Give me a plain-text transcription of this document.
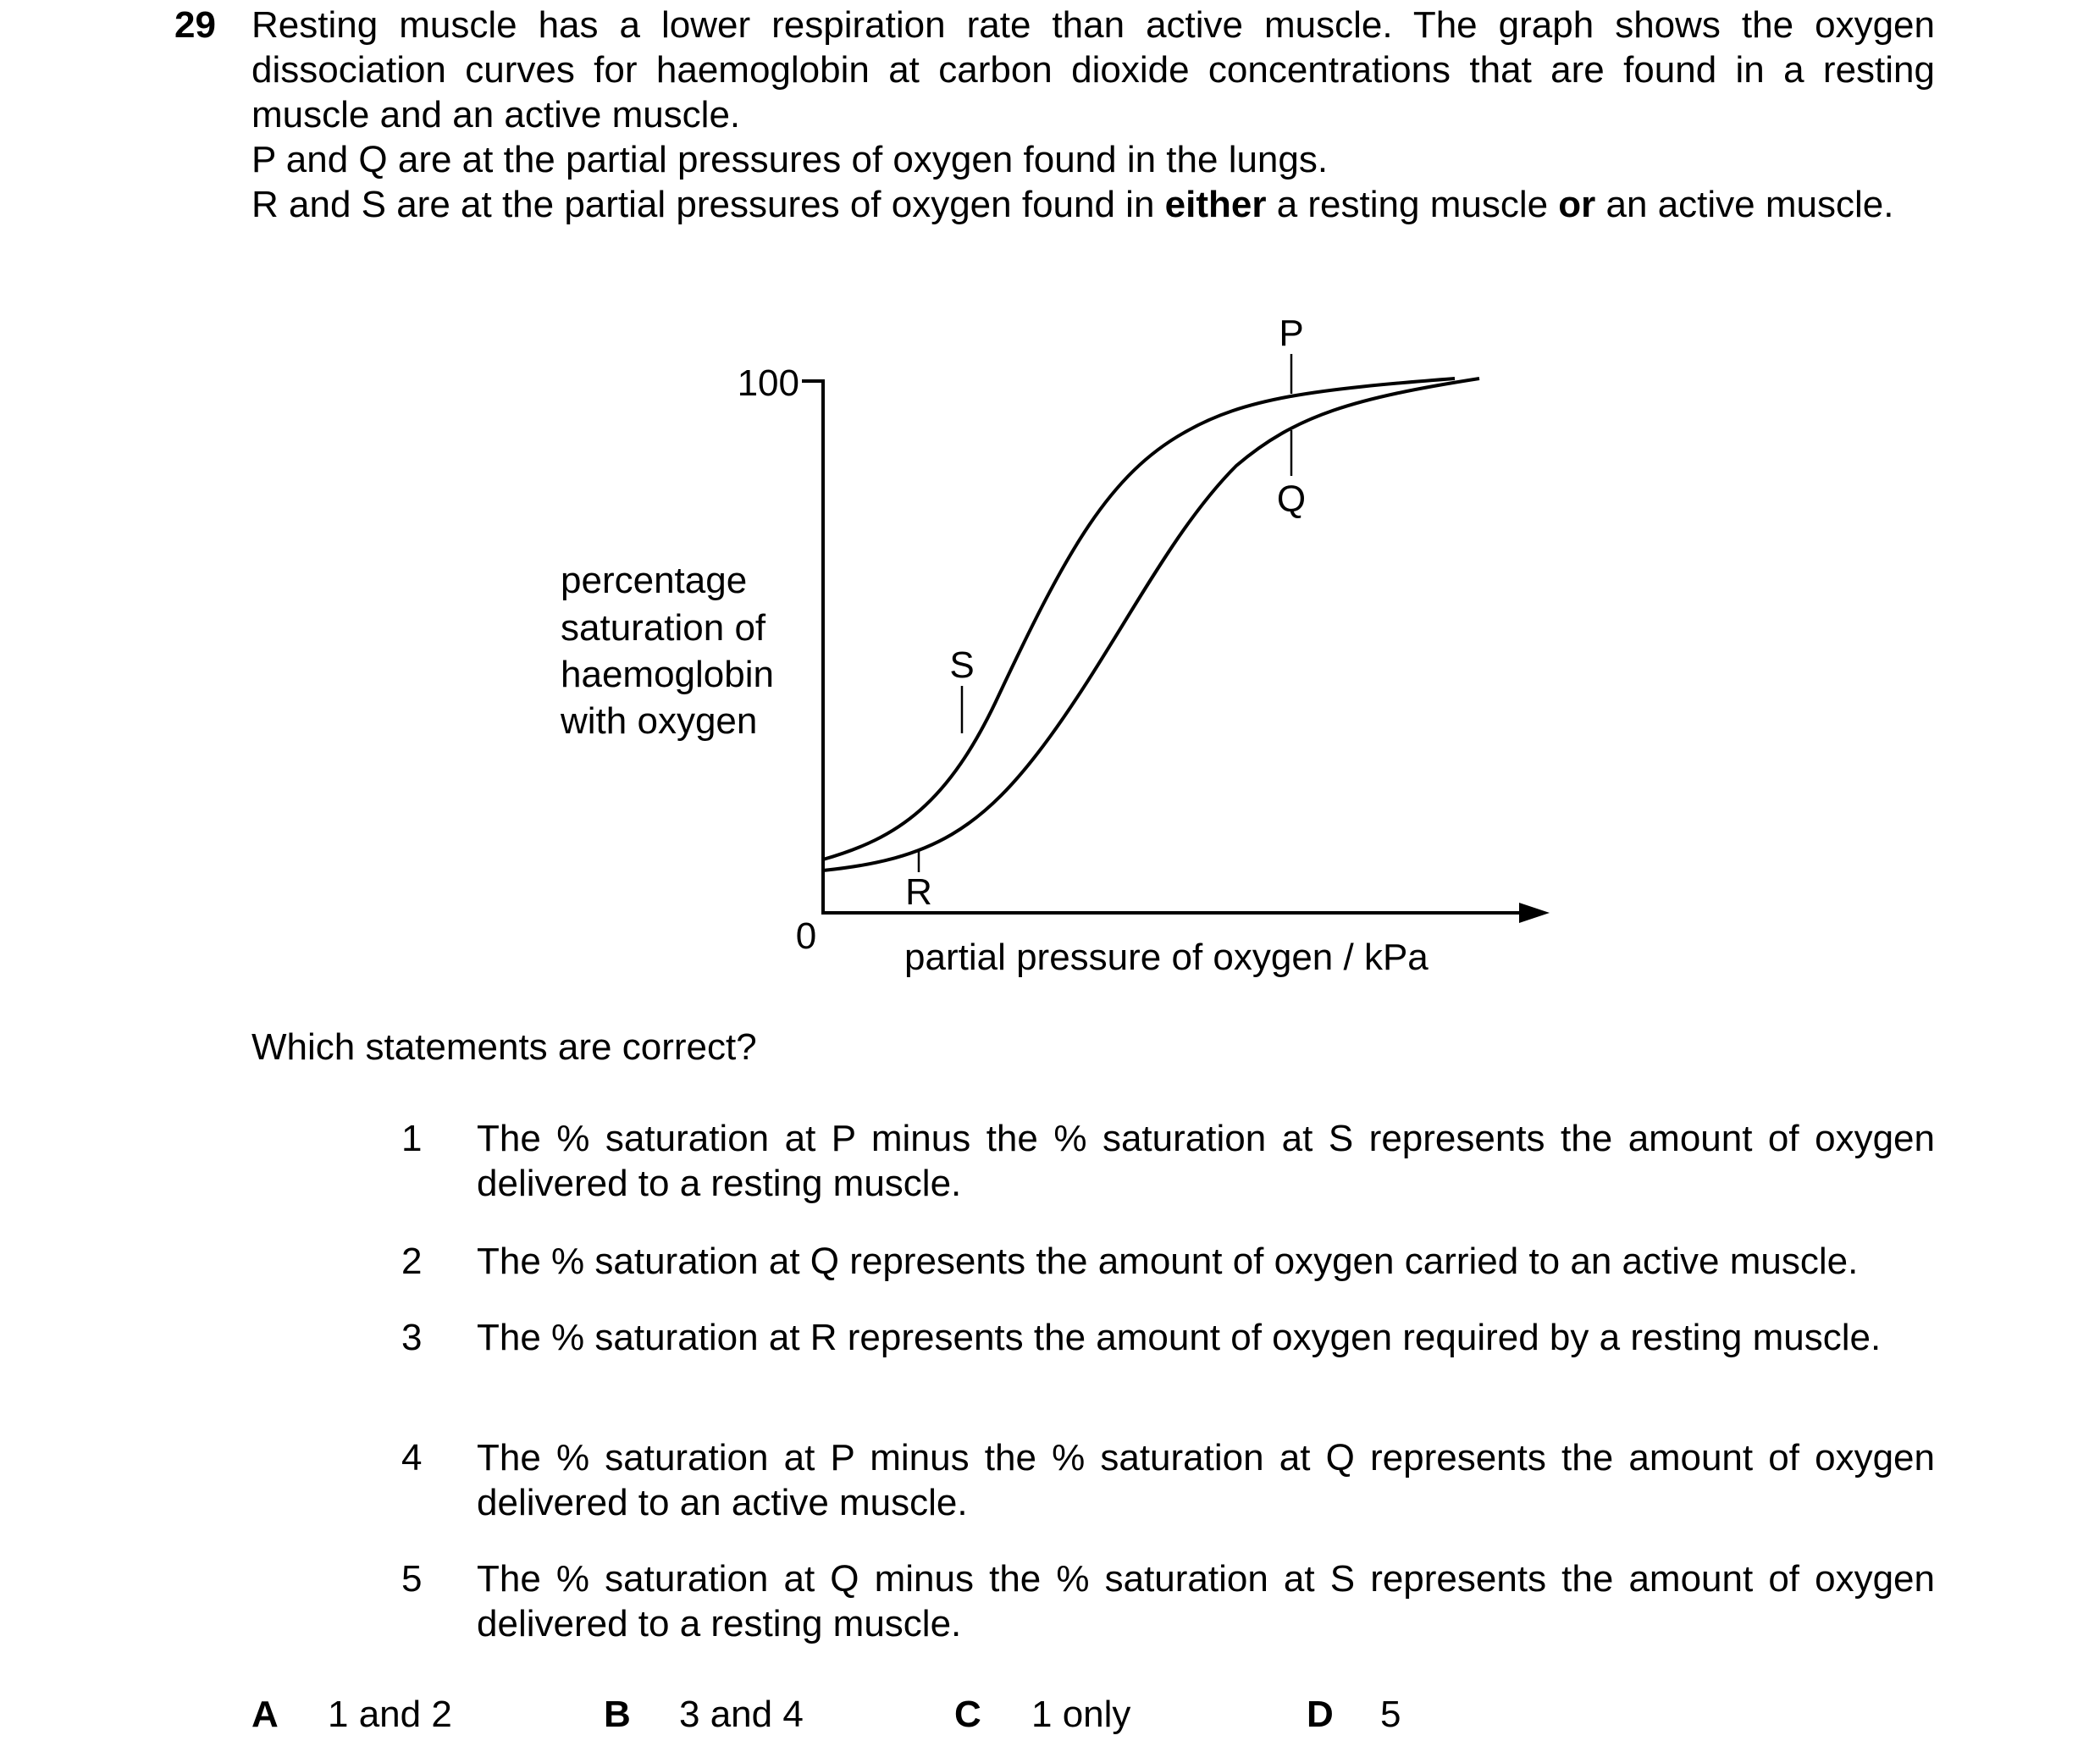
29 Resting muscle has a lower respiration rate than active muscle. The graph shows the oxygen dissociation curves for haemoglobin at carbon dioxide concentrations that are found in a resting muscle and an active muscle.

P and Q are at the partial pressures of oxygen found in the lungs.

R and S are at the partial pressures of oxygen found in either a resting muscle or an active muscle.

percentage
saturation of
haemoglobin
with oxygen
100
0
partial pressure of oxygen / kPa
P
Q
S
R
Which statements are correct?
1 The % saturation at P minus the % saturation at S represents the amount of oxygen delivered to a resting muscle.
2 The % saturation at Q represents the amount of oxygen carried to an active muscle.
3 The % saturation at R represents the amount of oxygen required by a resting muscle.
4 The % saturation at P minus the % saturation at Q represents the amount of oxygen delivered to an active muscle.
5 The % saturation at Q minus the % saturation at S represents the amount of oxygen delivered to a resting muscle.
A 1 and 2	B 3 and 4	C 1 only	D 5
